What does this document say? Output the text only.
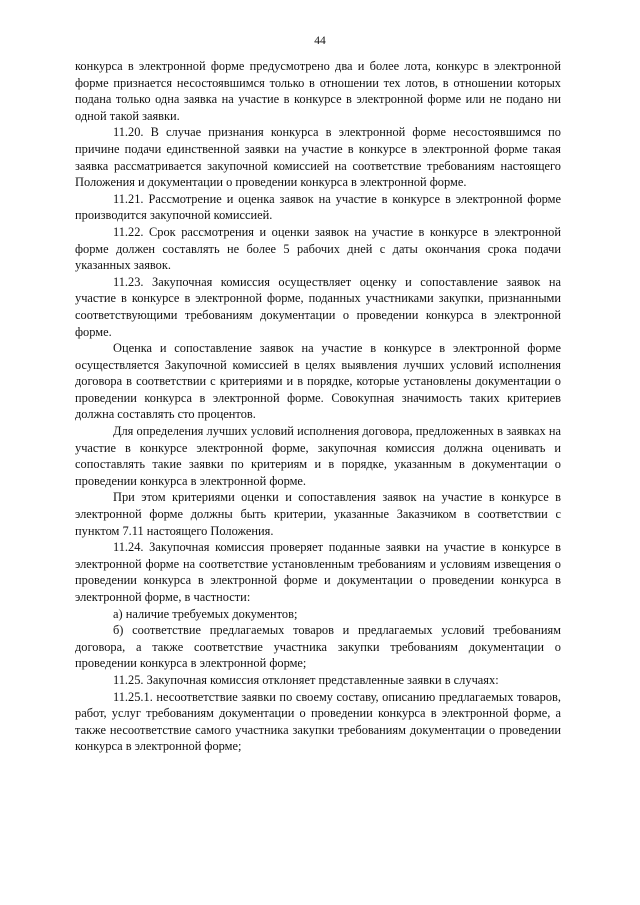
44

конкурса в электронной форме предусмотрено два и более лота, конкурс в электронной форме признается несостоявшимся только в отношении тех лотов, в отношении которых подана только одна заявка на участие в конкурсе в электронной форме или не подано ни одной такой заявки.

11.20. В случае признания конкурса в электронной форме несостоявшимся по причине подачи единственной заявки на участие в конкурсе в электронной форме такая заявка рассматривается закупочной комиссией на соответствие требованиям настоящего Положения и документации о проведении конкурса в электронной форме.

11.21. Рассмотрение и оценка заявок на участие в конкурсе в электронной форме производится закупочной комиссией.

11.22. Срок рассмотрения и оценки заявок на участие в конкурсе в электронной форме должен составлять не более 5 рабочих дней с даты окончания срока подачи указанных заявок.

11.23. Закупочная комиссия осуществляет оценку и сопоставление заявок на участие в конкурсе в электронной форме, поданных участниками закупки, признанными соответствующими требованиям документации о проведении конкурса в электронной форме.

Оценка и сопоставление заявок на участие в конкурсе в электронной форме осуществляется Закупочной комиссией в целях выявления лучших условий исполнения договора в соответствии с критериями и в порядке, которые установлены документации о проведении конкурса в электронной форме. Совокупная значимость таких критериев должна составлять сто процентов.

Для определения лучших условий исполнения договора, предложенных в заявках на участие в конкурсе электронной форме, закупочная комиссия должна оценивать и сопоставлять такие заявки по критериям и в порядке, указанным в документации о проведении конкурса в электронной форме.

При этом критериями оценки и сопоставления заявок на участие в конкурсе в электронной форме должны быть критерии, указанные Заказчиком в соответствии с пунктом 7.11 настоящего Положения.

11.24. Закупочная комиссия проверяет поданные заявки на участие в конкурсе в электронной форме на соответствие установленным требованиям и условиям извещения о проведении конкурса в электронной форме и документации о проведении конкурса в электронной форме, в частности:

а) наличие требуемых документов;

б) соответствие предлагаемых товаров и предлагаемых условий требованиям договора, а также соответствие участника закупки требованиям документации о проведении конкурса в электронной форме;

11.25. Закупочная комиссия отклоняет представленные заявки в случаях:

11.25.1. несоответствие заявки по своему составу, описанию предлагаемых товаров, работ, услуг требованиям документации о проведении конкурса в электронной форме, а также несоответствие самого участника закупки требованиям документации о проведении конкурса в электронной форме;
